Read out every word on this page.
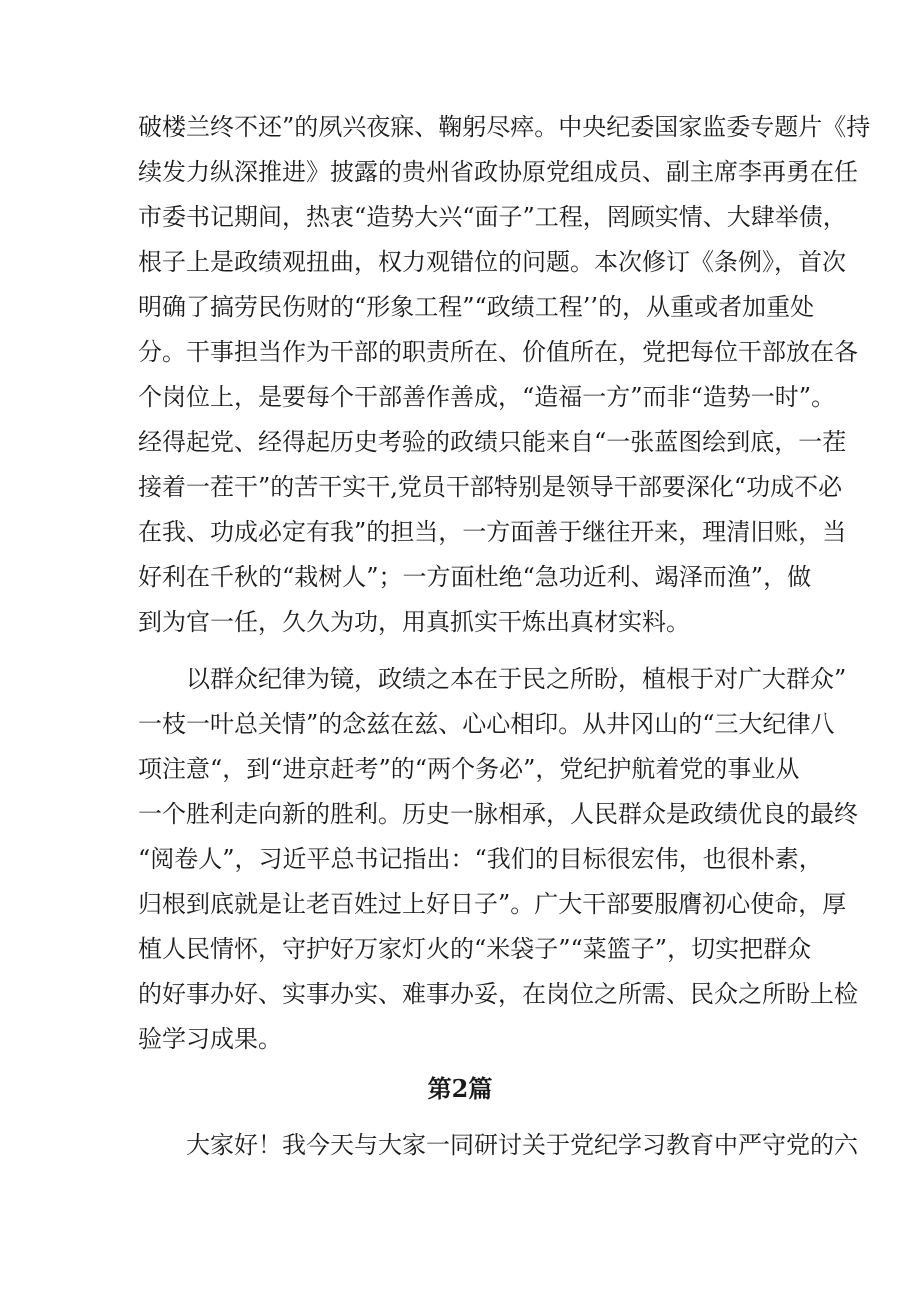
破楼兰终不还”的夙兴夜寐、鞠躬尽瘁。中央纪委国家监委专题片《持
续发力纵深推进》披露的贵州省政协原党组成员、副主席李再勇在任
市委书记期间，热衷“造势大兴“面子”工程，罔顾实情、大肆举债，
根子上是政绩观扭曲，权力观错位的问题。本次修订《条例》，首次
明确了搞劳民伤财的“形象工程”“政绩工程’’的，从重或者加重处
分。干事担当作为干部的职责所在、价值所在，党把每位干部放在各
个岗位上，是要每个干部善作善成，“造福一方”而非“造势一时”。
经得起党、经得起历史考验的政绩只能来自“一张蓝图绘到底，一茬
接着一茬干”的苦干实干,党员干部特别是领导干部要深化“功成不必
在我、功成必定有我”的担当，一方面善于继往开来，理清旧账，当
好利在千秋的“栽树人”；一方面杜绝“急功近利、竭泽而渔”，做
到为官一任，久久为功，用真抓实干炼出真材实料。
以群众纪律为镜，政绩之本在于民之所盼，植根于对广大群众”
一枝一叶总关情”的念兹在兹、心心相印。从井冈山的“三大纪律八
项注意“，到“进京赶考”的“两个务必”，党纪护航着党的事业从
一个胜利走向新的胜利。历史一脉相承，人民群众是政绩优良的最终
“阅卷人”，习近平总书记指出：“我们的目标很宏伟，也很朴素，
归根到底就是让老百姓过上好日子”。广大干部要服膺初心使命，厚
植人民情怀，守护好万家灯火的“米袋子”“菜篮子”，切实把群众
的好事办好、实事办实、难事办妥，在岗位之所需、民众之所盼上检
验学习成果。
第2篇
大家好！我今天与大家一同研讨关于党纪学习教育中严守党的六
